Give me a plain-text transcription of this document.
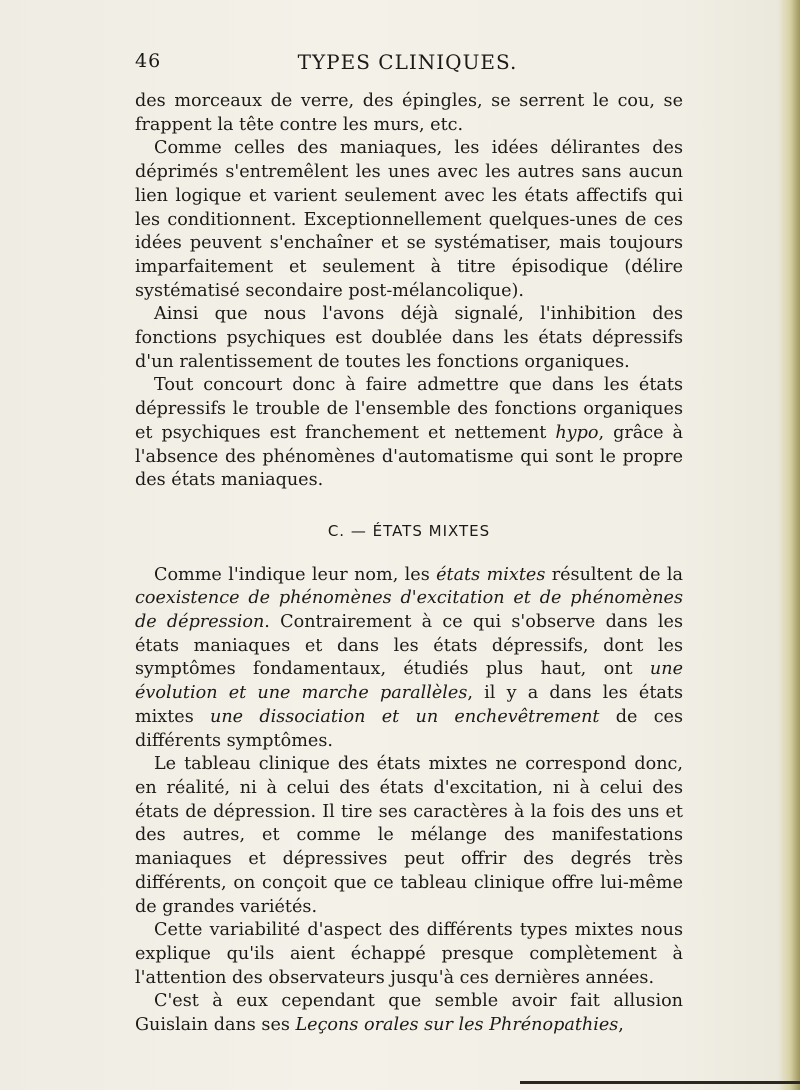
46	TYPES CLINIQUES.

des morceaux de verre, des épingles, se serrent le cou, se frappent la tête contre les murs, etc.

Comme celles des maniaques, les idées délirantes des déprimés s'entremêlent les unes avec les autres sans aucun lien logique et varient seulement avec les états affectifs qui les conditionnent. Exceptionnellement quelques-unes de ces idées peuvent s'enchaîner et se systématiser, mais toujours imparfaitement et seulement à titre épisodique (délire systématisé secondaire post-mélancolique).

Ainsi que nous l'avons déjà signalé, l'inhibition des fonctions psychiques est doublée dans les états dépressifs d'un ralentissement de toutes les fonctions organiques.

Tout concourt donc à faire admettre que dans les états dépressifs le trouble de l'ensemble des fonctions organiques et psychiques est franchement et nettement hypo, grâce à l'absence des phénomènes d'automatisme qui sont le propre des états maniaques.

C. — ÉTATS MIXTES

Comme l'indique leur nom, les états mixtes résultent de la coexistence de phénomènes d'excitation et de phénomènes de dépression. Contrairement à ce qui s'observe dans les états maniaques et dans les états dépressifs, dont les symptômes fondamentaux, étudiés plus haut, ont une évolution et une marche parallèles, il y a dans les états mixtes une dissociation et un enchevêtrement de ces différents symptômes.

Le tableau clinique des états mixtes ne correspond donc, en réalité, ni à celui des états d'excitation, ni à celui des états de dépression. Il tire ses caractères à la fois des uns et des autres, et comme le mélange des manifestations maniaques et dépressives peut offrir des degrés très différents, on conçoit que ce tableau clinique offre lui-même de grandes variétés.

Cette variabilité d'aspect des différents types mixtes nous explique qu'ils aient échappé presque complètement à l'attention des observateurs jusqu'à ces dernières années.

C'est à eux cependant que semble avoir fait allusion Guislain dans ses Leçons orales sur les Phrénopathies,
